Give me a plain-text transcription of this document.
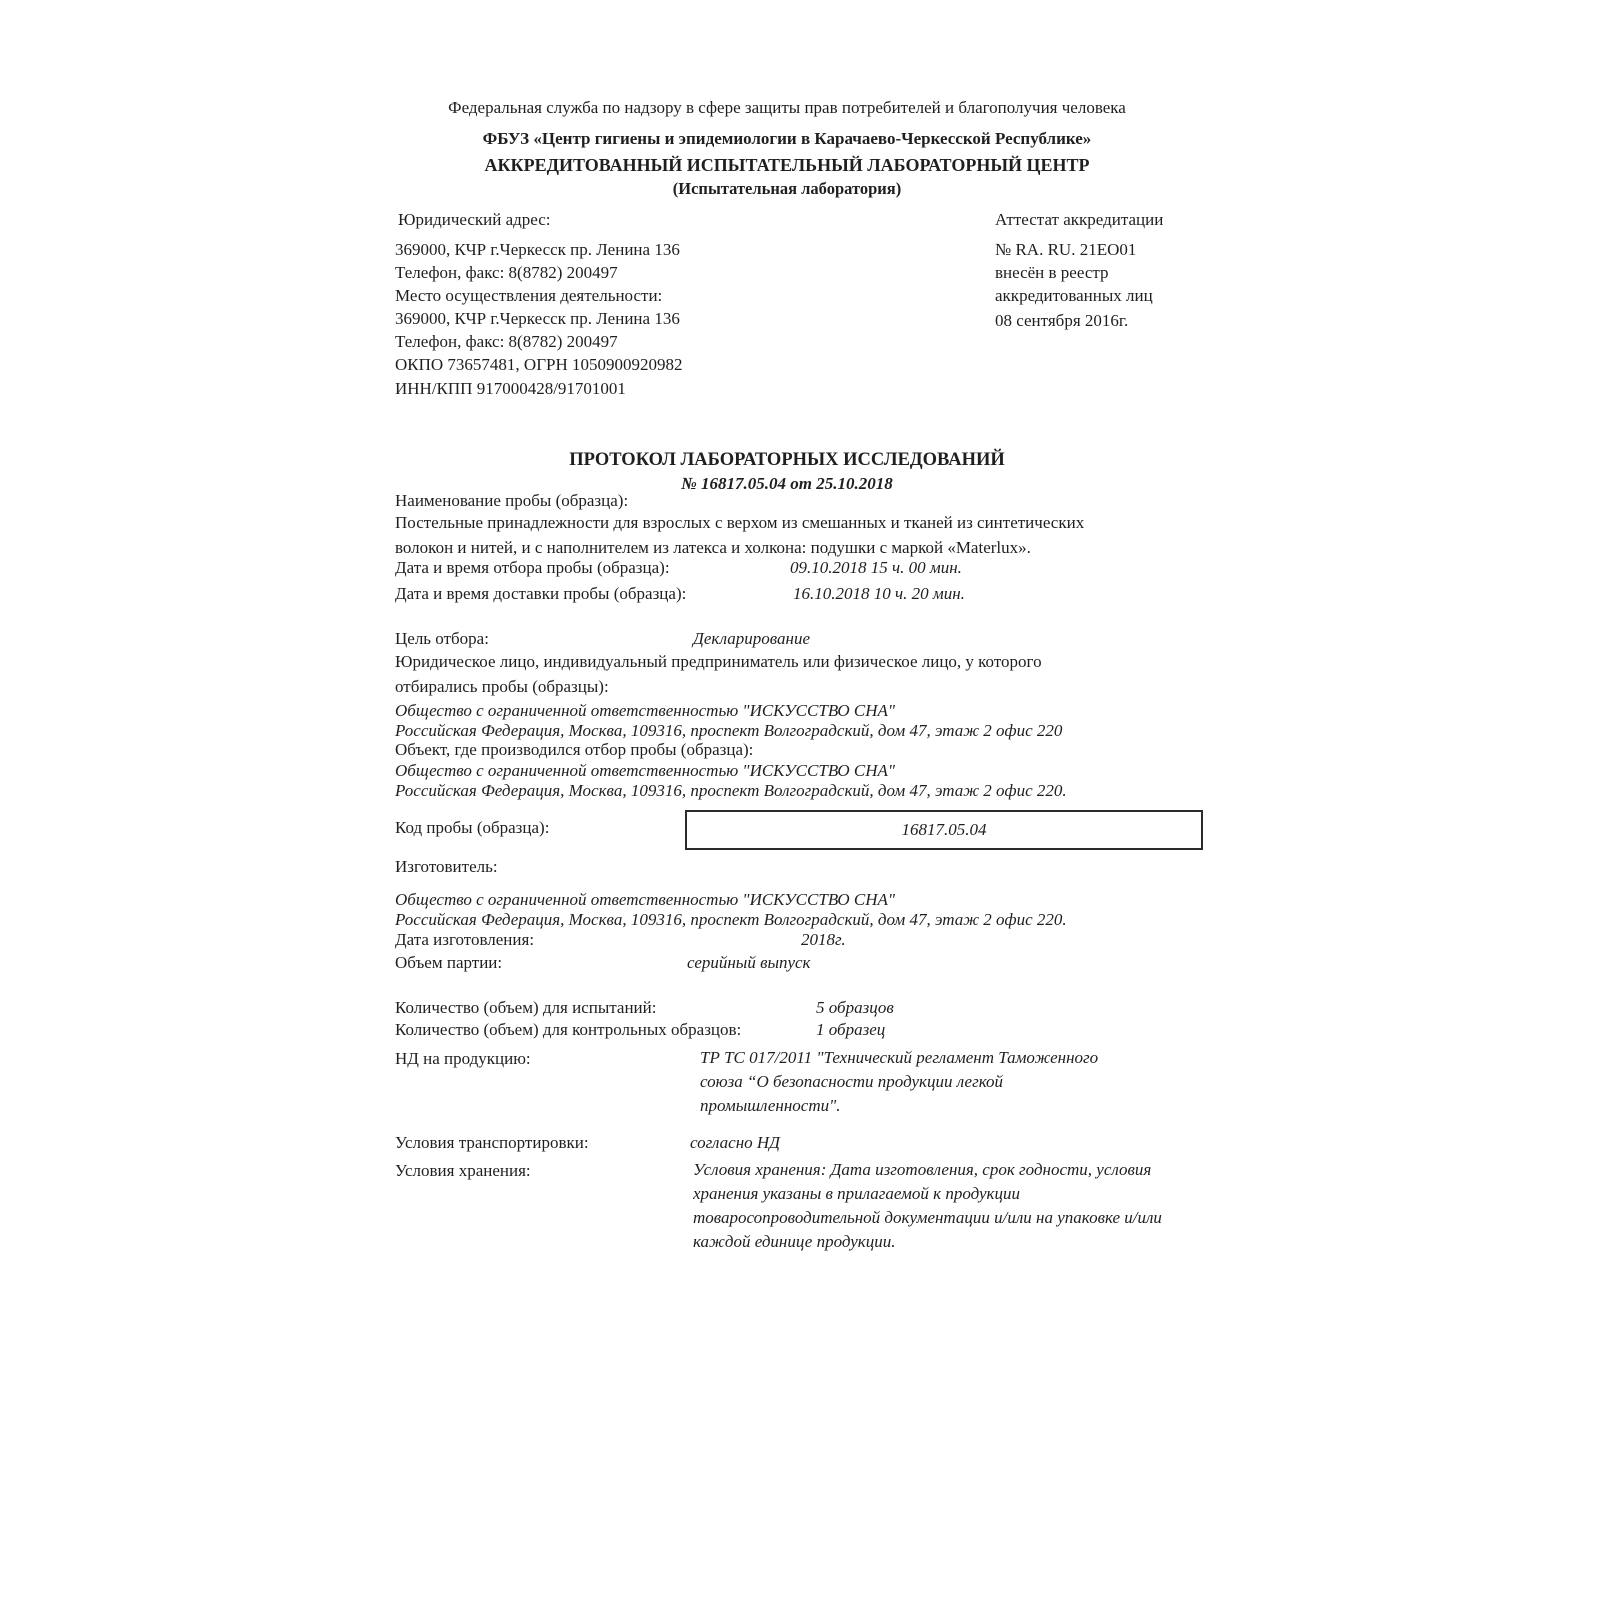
Федеральная служба по надзору в сфере защиты прав потребителей и благополучия человека
ФБУЗ «Центр гигиены и эпидемиологии в Карачаево-Черкесской Республике»
АККРЕДИТОВАННЫЙ ИСПЫТАТЕЛЬНЫЙ ЛАБОРАТОРНЫЙ ЦЕНТР
(Испытательная лаборатория)
Юридический адрес:
369000, КЧР г.Черкесск пр. Ленина 136
Телефон, факс: 8(8782) 200497
Место осуществления деятельности:
369000, КЧР г.Черкесск пр. Ленина 136
Телефон, факс: 8(8782) 200497
ОКПО 73657481, ОГРН 1050900920982
ИНН/КПП 917000428/91701001
Аттестат аккредитации
№ RA. RU. 21ЕО01
внесён в реестр
аккредитованных лиц
08 сентября 2016г.
ПРОТОКОЛ ЛАБОРАТОРНЫХ ИССЛЕДОВАНИЙ
№ 16817.05.04 от 25.10.2018
Наименование пробы (образца):
Постельные принадлежности для взрослых с верхом из смешанных и тканей из синтетических
волокон и нитей, и с наполнителем из латекса и холкона: подушки с маркой «Materlux».
Дата и время отбора пробы (образца):	09.10.2018 15 ч. 00 мин.
Дата и время доставки пробы (образца):	16.10.2018 10 ч. 20 мин.
Цель отбора:	Декларирование
Юридическое лицо, индивидуальный предприниматель или физическое лицо, у которого
отбирались пробы (образцы):
Общество с ограниченной ответственностью "ИСКУССТВО СНА"
Российская Федерация, Москва, 109316, проспект Волгоградский, дом 47, этаж 2 офис 220
Объект, где производился отбор пробы (образца):
Общество с ограниченной ответственностью "ИСКУССТВО СНА"
Российская Федерация, Москва, 109316, проспект Волгоградский, дом 47, этаж 2 офис 220.
Код пробы (образца):	16817.05.04
Изготовитель:
Общество с ограниченной ответственностью "ИСКУССТВО СНА"
Российская Федерация, Москва, 109316, проспект Волгоградский, дом 47, этаж 2 офис 220.
Дата изготовления:	2018г.
Объем партии:	серийный выпуск
Количество (объем) для испытаний:	5 образцов
Количество (объем) для контрольных образцов:	1 образец
НД на продукцию:	ТР ТС 017/2011 "Технический регламент Таможенного
союза “О безопасности продукции легкой
промышленности".
Условия транспортировки:	согласно НД
Условия хранения:	Условия хранения: Дата изготовления, срок годности, условия
хранения указаны в прилагаемой к продукции
товаросопроводительной документации и/или на упаковке и/или
каждой единице продукции.
